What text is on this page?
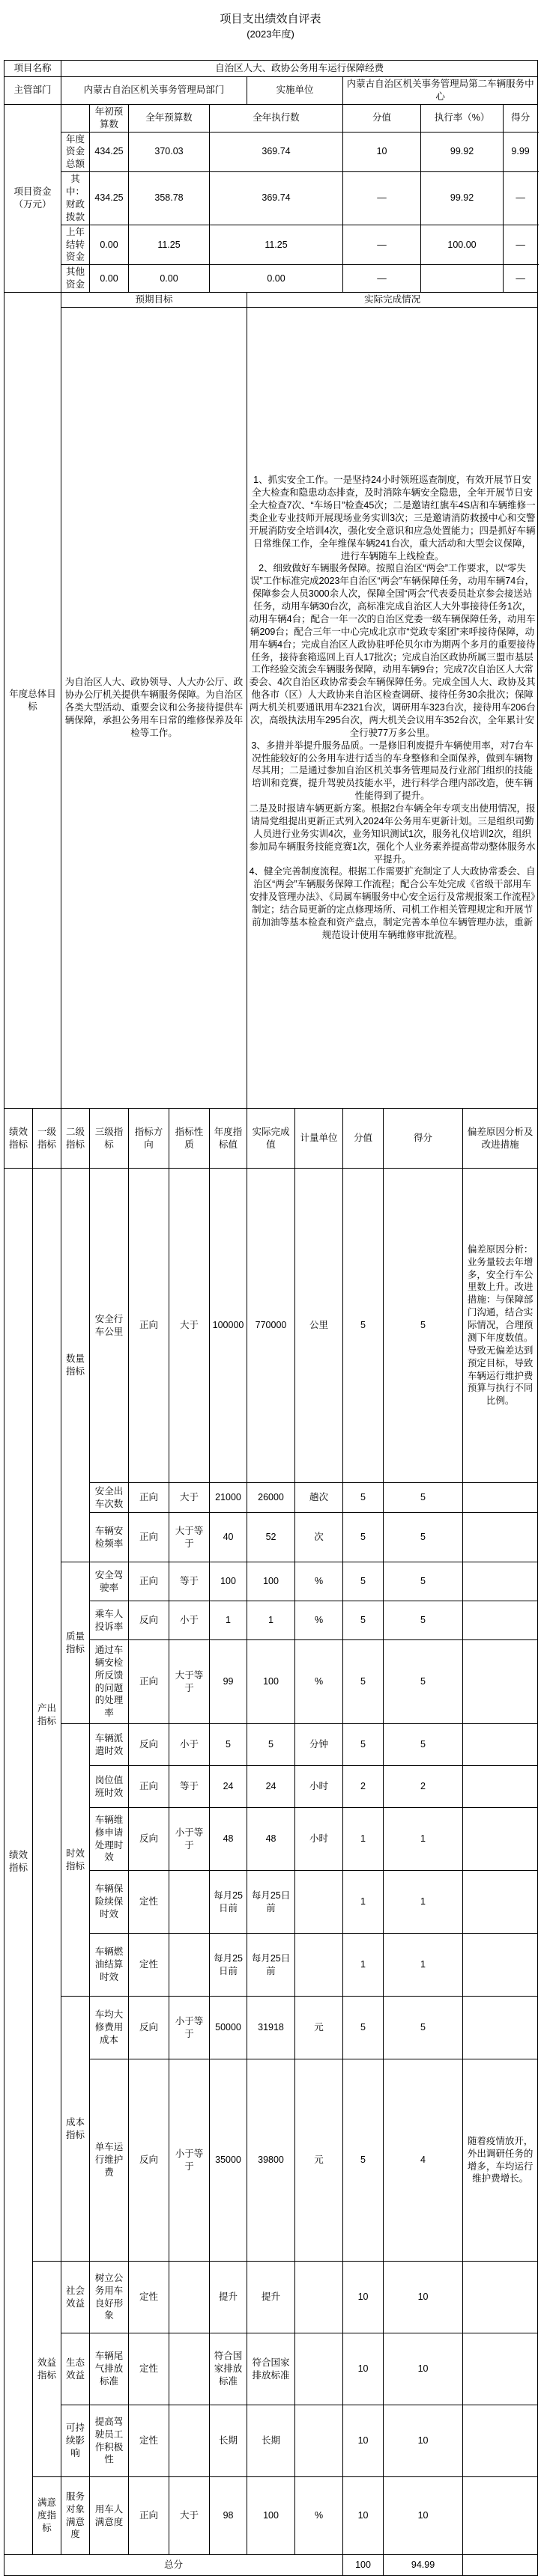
项目支出绩效自评表
(2023年度)
项目名称		自治区人大、政协公务用车运行保障经费											
主管部门		内蒙古自治区机关事务管理局部门					实施单位		内蒙古自治区机关事务管理局第二车辆服务中心				
项目资金（万元）			年初预算数	全年预算数		全年执行数			分值		执行率（%）		得分
		年度资金总额	434.25	370.03		369.74			10		99.92		9.99
		其中：财政拨款	434.25	358.78		369.74			—		99.92		—
		上年结转资金	0.00	11.25		11.25			—		100.00		—
		其他资金	0.00	0.00		0.00			—				—
年度总体目标		预期目标					实际完成情况						
		为自治区人大、政协领导、人大办公厅、政协办公厅机关提供车辆服务保障。为自治区各类大型活动、重要会议和公务接待提供车辆保障，承担公务用车日常的维修保养及年检等工作。					1、抓实安全工作。一是坚持24小时领班巡查制度，有效开展节日安全大检查和隐患动态排查，及时消除车辆安全隐患，全年开展节日安全大检查7次、“车场日”检查45次；二是邀请红旗车4S店和车辆维修一类企业专业技师开展现场业务实训3次；三是邀请消防救援中心和交警开展消防安全培训4次，强化安全意识和应急处置能力；四是抓好车辆日常维保工作，全年维保车辆241台次，重大活动和大型会议保障，进行车辆随车上线检查。
2、细致做好车辆服务保障。按照自治区“两会”工作要求，以“零失误”工作标准完成2023年自治区“两会”车辆保障任务，动用车辆74台，保障参会人员3000余人次，保障全国“两会”代表委员赴京参会接送站任务，动用车辆30台次，高标准完成自治区人大外事接待任务1次，动用车辆4台；配合一年一次的自治区党委一级车辆保障任务，动用车辆209台；配合三年一中心完成北京市“党政专案团”来呼接待保障，动用车辆4台；完成自治区人政协驻呼伦贝尔市为期两个多月的重要接待任务，接待套箱巡回上百人17批次；完成自治区政协所属三盟市基层工作经验交流会车辆服务保障，动用车辆9台；完成7次自治区人大常委会、4次自治区政协常委会车辆保障任务。完成全国人大、政协及其他各市（区）人大政协来自治区检查调研、接待任务30余批次；保障两大机关机要通讯用车2321台次，调研用车323台次，接待用车206台次，高级执法用车295台次，两大机关会议用车352台次，全年累计安全行驶77万多公里。
3、多措并举提升服务品质。一是修旧利废提升车辆使用率，对7台车况性能较好的公务用车进行适当的车身整修和全面保养，做到车辆物尽其用；二是通过参加自治区机关事务管理局及行业部门组织的技能培训和竞赛，提升驾驶员技能水平，进行科学合理内部改造，使车辆性能得到了提升。
二是及时报请车辆更新方案。根据2台车辆全年专项支出使用情况，报请局党组提出更新正式列入2024年公务用车更新计划。三是组织司勤人员进行业务实训4次，业务知识测试1次，服务礼仪培训2次，组织参加局车辆服务技能竞赛1次，强化个人业务素养提高带动整体服务水平提升。
4、健全完善制度流程。根据工作需要扩充制定了人大政协常委会、自治区“两会”车辆服务保障工作流程；配合公车处完成《省级干部用车安排及管理办法》、《局属车辆服务中心安全运行及常规报案工作流程》制定；结合局更新的定点修理场所、司机工作相关管理规定和开展节前加油等基本检查和资产盘点，制定完善本单位车辆管理办法，重新规范设计使用车辆维修审批流程。						
绩效指标	一级指标	二级指标	三级指标	指标方向	指标性质	年度指标值	实际完成值	计量单位	分值	得分		偏差原因分析及改进措施	
绩效指标	产出指标	数量指标	安全行车公里	正向	大于	100000	770000	公里	5	5		偏差原因分析：业务量较去年增多，安全行车公里数上升。改进措施：与保障部门沟通，结合实际情况，合理预测下年度数值。导致无偏差达到预定目标，导致车辆运行维护费预算与执行不同比例。	
			安全出车次数	正向	大于	21000	26000	趟次	5	5			
			车辆安检频率	正向	大于等于	40	52	次	5	5			
		质量指标	安全驾驶率	正向	等于	100	100	%	5	5			
			乘车人投诉率	反向	小于	1	1	%	5	5			
			通过车辆安检所反馈的问题的处理率	正向	大于等于	99	100	%	5	5			
		时效指标	车辆派遣时效	反向	小于	5	5	分钟	5	5			
			岗位值班时效	正向	等于	24	24	小时	2	2			
			车辆维修申请处理时效	反向	小于等于	48	48	小时	1	1			
			车辆保险续保时效	定性		每月25日前	每月25日前		1	1			
			车辆燃油结算时效	定性		每月25日前	每月25日前		1	1			
		成本指标	车均大修费用成本	反向	小于等于	50000	31918	元	5	5			
			单车运行维护费	反向	小于等于	35000	39800	元	5	4		随着疫情放开，外出调研任务的增多，车均运行维护费增长。	
	效益指标	社会效益	树立公务用车良好形象	定性		提升	提升		10	10			
		生态效益	车辆尾气排放标准	定性		符合国家排放标准	符合国家排放标准		10	10			
		可持续影响	提高驾驶员工作积极性	定性		长期	长期		10	10			
	满意度指标	服务对象满意度	用车人满意度	正向	大于	98	100	%	10	10			
总分									100	94.99			
